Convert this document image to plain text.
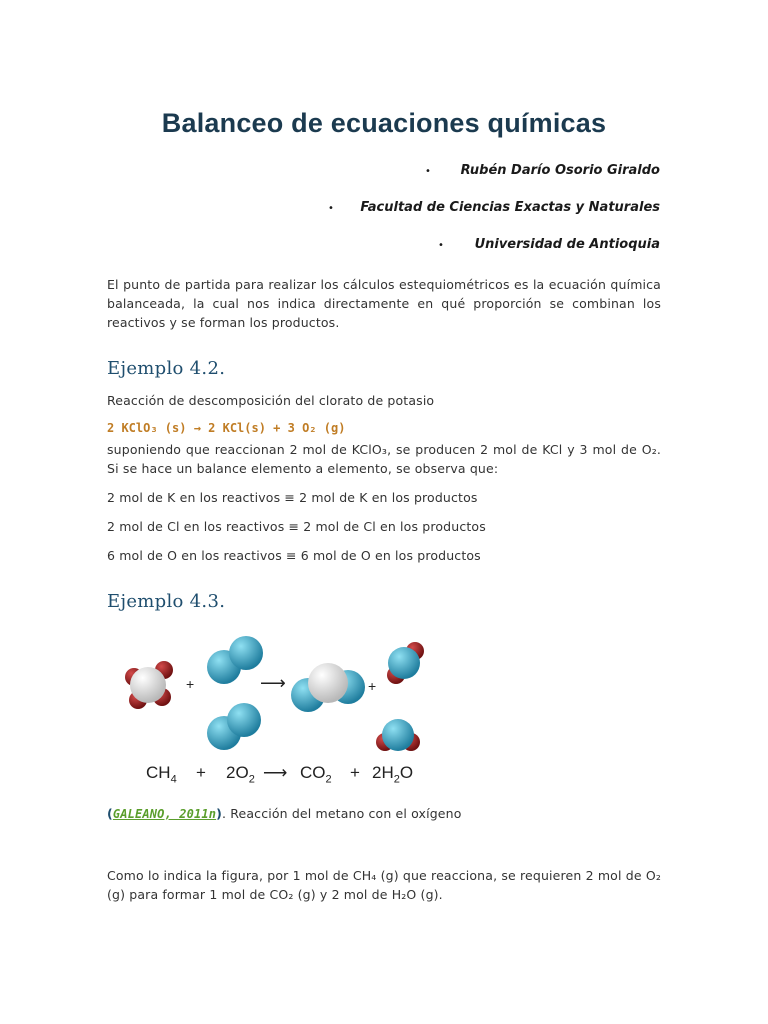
Balanceo de ecuaciones químicas
• Rubén Darío Osorio Giraldo

• Facultad de Ciencias Exactas y Naturales

• Universidad de Antioquia

El punto de partida para realizar los cálculos estequiométricos es la ecuación química balanceada, la cual nos indica directamente en qué proporción se combinan los reactivos y se forman los productos.

Ejemplo 4.2.

Reacción de descomposición del clorato de potasio

2 KClO₃ (s) → 2 KCl(s) + 3 O₂ (g)

suponiendo que reaccionan 2 mol de KClO₃, se producen 2 mol de KCl y 3 mol de O₂. Si se hace un balance elemento a elemento, se observa que:

2 mol de K en los reactivos ≡ 2 mol de K en los productos

2 mol de Cl en los reactivos ≡ 2 mol de Cl en los productos

6 mol de O en los reactivos ≡ 6 mol de O en los productos

Ejemplo 4.3.
+	⟶	+
$CH_4 + 2O_2$ ⟶ $CO_2 + 2H_2O$

(GALEANO, 2011n). Reacción del metano con el oxígeno

Como lo indica la figura, por 1 mol de CH₄ (g) que reacciona, se requieren 2 mol de O₂ (g) para formar 1 mol de CO₂ (g) y 2 mol de H₂O (g).
